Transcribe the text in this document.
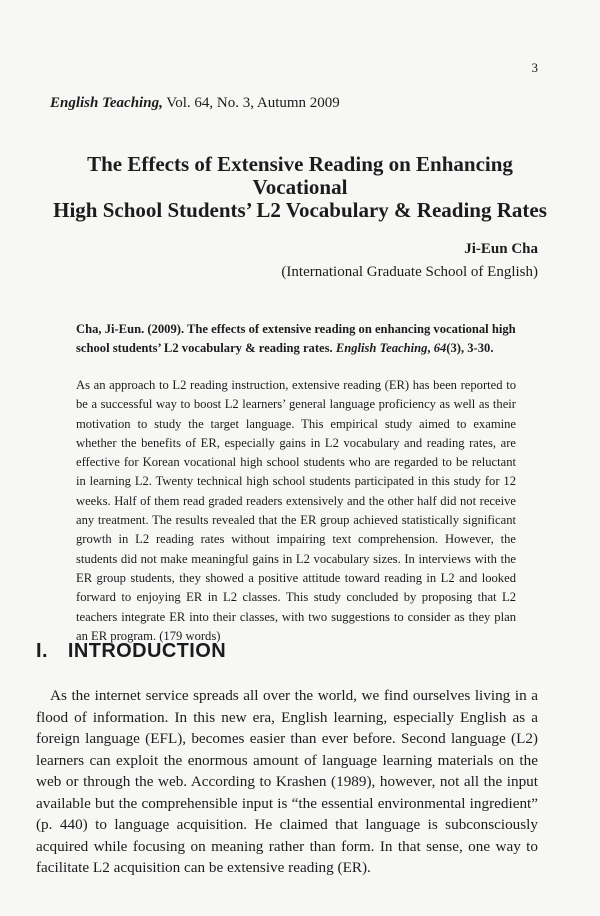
3
English Teaching, Vol. 64, No. 3, Autumn 2009
The Effects of Extensive Reading on Enhancing Vocational
High School Students’ L2 Vocabulary & Reading Rates
Ji-Eun Cha
(International Graduate School of English)
Cha, Ji-Eun. (2009). The effects of extensive reading on enhancing vocational high school students’ L2 vocabulary & reading rates. English Teaching, 64(3), 3-30.
As an approach to L2 reading instruction, extensive reading (ER) has been reported to be a successful way to boost L2 learners’ general language proficiency as well as their motivation to study the target language. This empirical study aimed to examine whether the benefits of ER, especially gains in L2 vocabulary and reading rates, are effective for Korean vocational high school students who are regarded to be reluctant in learning L2. Twenty technical high school students participated in this study for 12 weeks. Half of them read graded readers extensively and the other half did not receive any treatment. The results revealed that the ER group achieved statistically significant growth in L2 reading rates without impairing text comprehension. However, the students did not make meaningful gains in L2 vocabulary sizes. In interviews with the ER group students, they showed a positive attitude toward reading in L2 and looked forward to enjoying ER in L2 classes. This study concluded by proposing that L2 teachers integrate ER into their classes, with two suggestions to consider as they plan an ER program. (179 words)
I. INTRODUCTION
As the internet service spreads all over the world, we find ourselves living in a flood of information. In this new era, English learning, especially English as a foreign language (EFL), becomes easier than ever before. Second language (L2) learners can exploit the enormous amount of language learning materials on the web or through the web. According to Krashen (1989), however, not all the input available but the comprehensible input is “the essential environmental ingredient” (p. 440) to language acquisition. He claimed that language is subconsciously acquired while focusing on meaning rather than form. In that sense, one way to facilitate L2 acquisition can be extensive reading (ER).
